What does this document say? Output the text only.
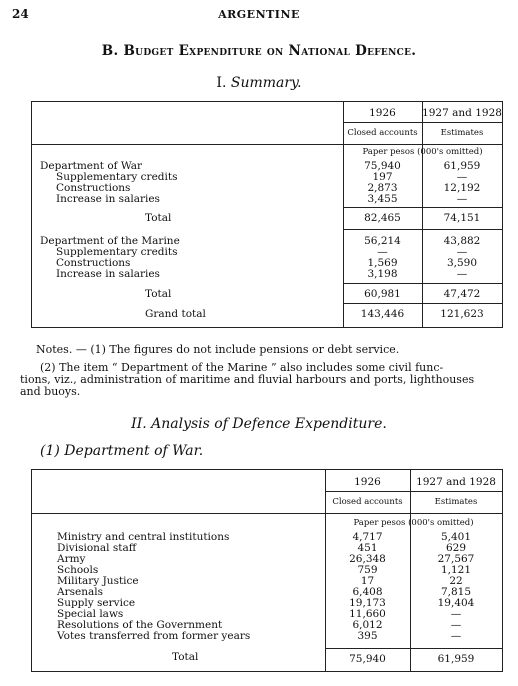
24	ARGENTINE
B. Budget Expenditure on National Defence.
I. Summary.
1926
Closed accounts
1927 and 1928
Estimates
Paper pesos (000's omitted)
Department of War	75,940	61,959
Supplementary credits	197	—
Constructions	2,873	12,192
Increase in salaries	3,455	—
Total	82,465	74,151
Department of the Marine	56,214	43,882
Supplementary credits	—	—
Constructions	1,569	3,590
Increase in salaries	3,198	—
Total	60,981	47,472
Grand total	143,446	121,623
Notes. — (1) The figures do not include pensions or debt service.
(2) The item “ Department of the Marine ” also includes some civil func-
tions, viz., administration of maritime and fluvial harbours and ports, lighthouses
and buoys.
II. Analysis of Defence Expenditure.
(1) Department of War.
1926
Closed accounts
1927 and 1928
Estimates
Paper pesos (000's omitted)
Ministry and central institutions	4,717	5,401
Divisional staff	451	629
Army	26,348	27,567
Schools	759	1,121
Military Justice	17	22
Arsenals	6,408	7,815
Supply service	19,173	19,404
Special laws	11,660	—
Resolutions of the Government	6,012	—
Votes transferred from former years	395	—
Total	75,940	61,959
